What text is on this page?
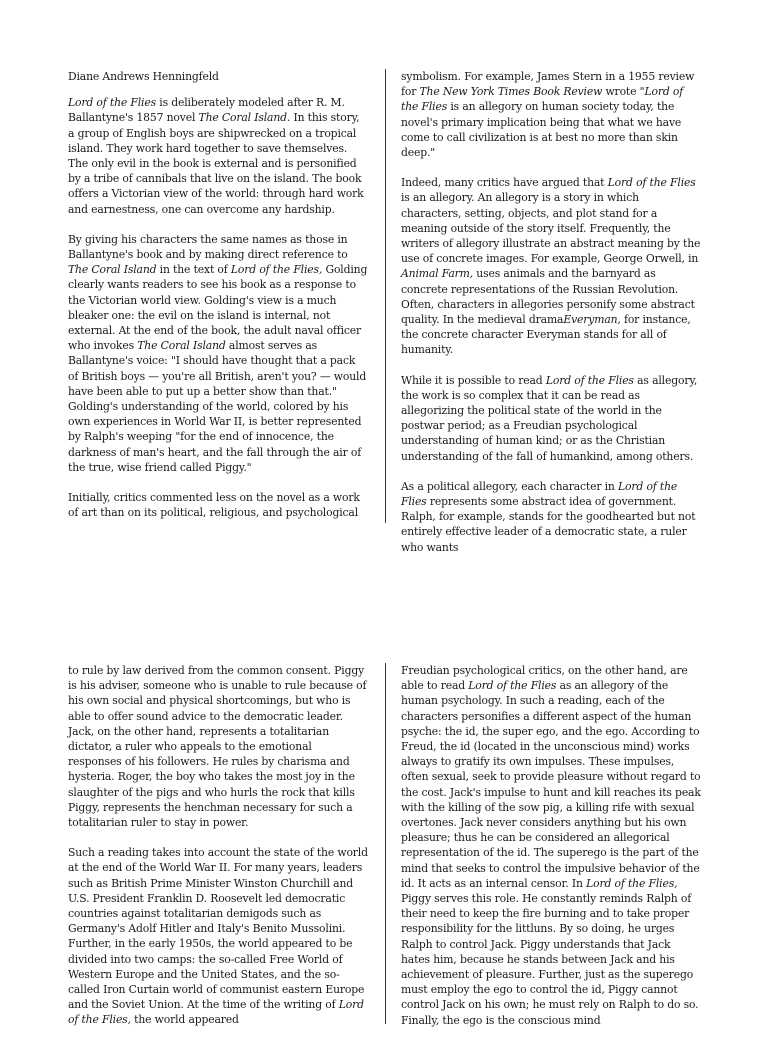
Diane Andrews Henningfeld

Lord of the Flies is deliberately modeled after R. M. Ballantyne's 1857 novel The Coral Island. In this story, a group of English boys are shipwrecked on a tropical island. They work hard together to save themselves. The only evil in the book is external and is personified by a tribe of cannibals that live on the island. The book offers a Victorian view of the world: through hard work and earnestness, one can overcome any hardship.

By giving his characters the same names as those in Ballantyne's book and by making direct reference to The Coral Island in the text of Lord of the Flies, Golding clearly wants readers to see his book as a response to the Victorian world view. Golding's view is a much bleaker one: the evil on the island is internal, not external. At the end of the book, the adult naval officer who invokes The Coral Island almost serves as Ballantyne's voice: "I should have thought that a pack of British boys — you're all British, aren't you? — would have been able to put up a better show than that." Golding's understanding of the world, colored by his own experiences in World War II, is better represented by Ralph's weeping "for the end of innocence, the darkness of man's heart, and the fall through the air of the true, wise friend called Piggy."

Initially, critics commented less on the novel as a work of art than on its political, religious, and psychological

symbolism. For example, James Stern in a 1955 review for The New York Times Book Review wrote "Lord of the Flies is an allegory on human society today, the novel's primary implication being that what we have come to call civilization is at best no more than skin deep."

Indeed, many critics have argued that Lord of the Flies is an allegory. An allegory is a story in which characters, setting, objects, and plot stand for a meaning outside of the story itself. Frequently, the writers of allegory illustrate an abstract meaning by the use of concrete images. For example, George Orwell, in Animal Farm, uses animals and the barnyard as concrete representations of the Russian Revolution. Often, characters in allegories personify some abstract quality. In the medieval dramaEveryman, for instance, the concrete character Everyman stands for all of humanity.

While it is possible to read Lord of the Flies as allegory, the work is so complex that it can be read as allegorizing the political state of the world in the postwar period; as a Freudian psychological understanding of human kind; or as the Christian understanding of the fall of humankind, among others.

As a political allegory, each character in Lord of the Flies represents some abstract idea of government. Ralph, for example, stands for the goodhearted but not entirely effective leader of a democratic state, a ruler who wants

to rule by law derived from the common consent. Piggy is his adviser, someone who is unable to rule because of his own social and physical shortcomings, but who is able to offer sound advice to the democratic leader. Jack, on the other hand, represents a totalitarian dictator, a ruler who appeals to the emotional responses of his followers. He rules by charisma and hysteria. Roger, the boy who takes the most joy in the slaughter of the pigs and who hurls the rock that kills Piggy, represents the henchman necessary for such a totalitarian ruler to stay in power.

Such a reading takes into account the state of the world at the end of the World War II. For many years, leaders such as British Prime Minister Winston Churchill and U.S. President Franklin D. Roosevelt led democratic countries against totalitarian demigods such as Germany's Adolf Hitler and Italy's Benito Mussolini. Further, in the early 1950s, the world appeared to be divided into two camps: the so-called Free World of Western Europe and the United States, and the so-called Iron Curtain world of communist eastern Europe and the Soviet Union. At the time of the writing of Lord of the Flies, the world appeared

Freudian psychological critics, on the other hand, are able to read Lord of the Flies as an allegory of the human psychology. In such a reading, each of the characters personifies a different aspect of the human psyche: the id, the super ego, and the ego. According to Freud, the id (located in the unconscious mind) works always to gratify its own impulses. These impulses, often sexual, seek to provide pleasure without regard to the cost. Jack's impulse to hunt and kill reaches its peak with the killing of the sow pig, a killing rife with sexual overtones. Jack never considers anything but his own pleasure; thus he can be considered an allegorical representation of the id. The superego is the part of the mind that seeks to control the impulsive behavior of the id. It acts as an internal censor. In Lord of the Flies, Piggy serves this role. He constantly reminds Ralph of their need to keep the fire burning and to take proper responsibility for the littluns. By so doing, he urges Ralph to control Jack. Piggy understands that Jack hates him, because he stands between Jack and his achievement of pleasure. Further, just as the superego must employ the ego to control the id, Piggy cannot control Jack on his own; he must rely on Ralph to do so. Finally, the ego is the conscious mind
